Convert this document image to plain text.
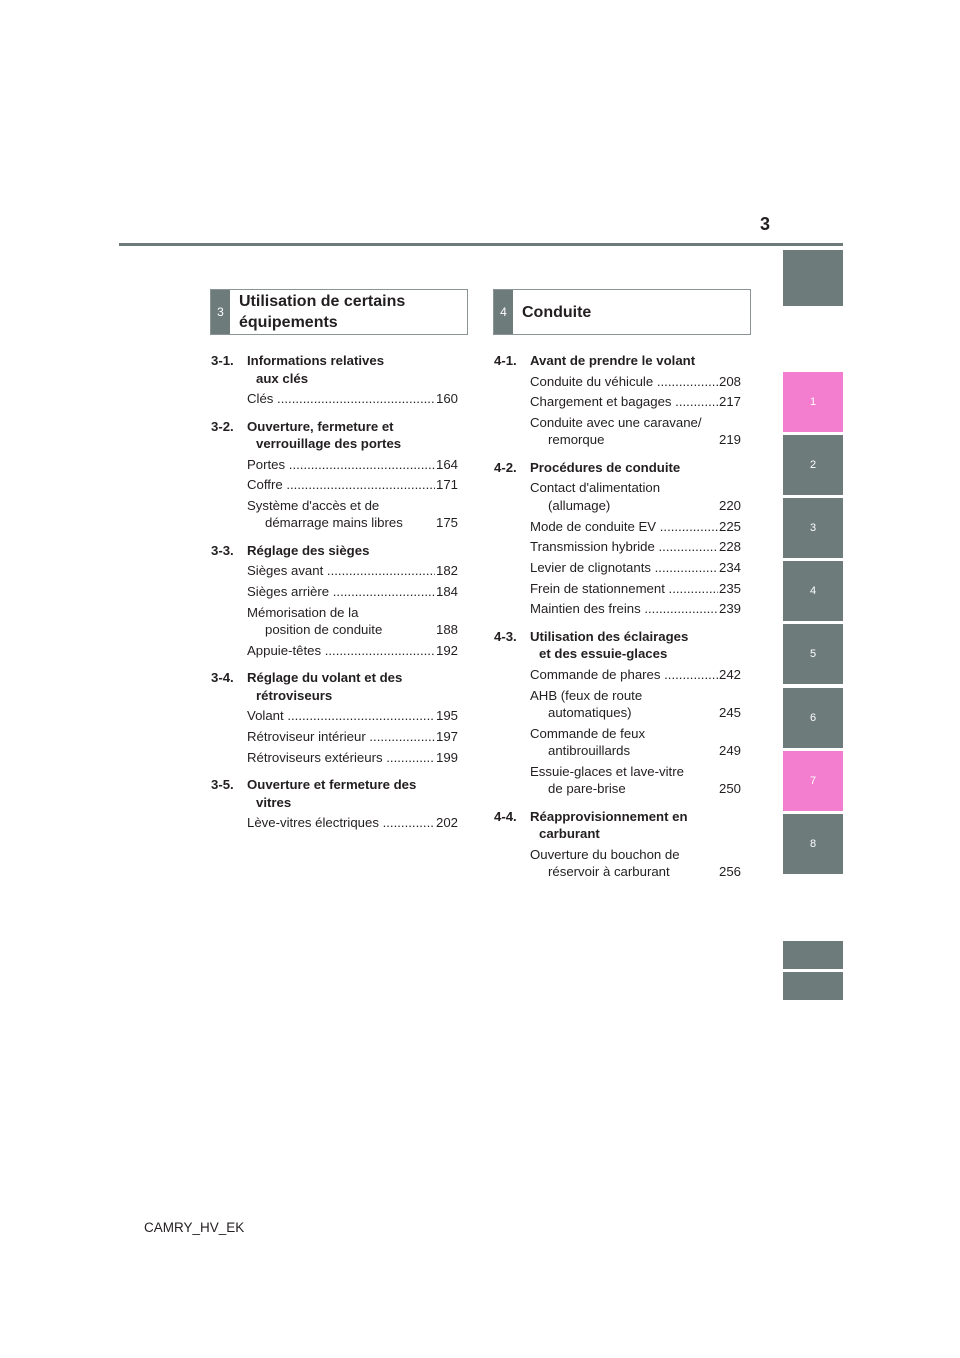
3
1
2
3
4
5
6
7
8
3
Utilisation de certains
équipements
4 Conduite
3-1.	Informations relatives
aux clés
Clés .....	160
3-2.	Ouverture, fermeture et
verrouillage des portes
Portes .....	164
Coffre .....	171
Système d'accès et de
démarrage mains libres .....	175
3-3.	Réglage des sièges
Sièges avant .....	182
Sièges arrière .....	184
Mémorisation de la
position de conduite .....	188
Appuie-têtes .....	192
3-4.	Réglage du volant et des
rétroviseurs
Volant .....	195
Rétroviseur intérieur .....	197
Rétroviseurs extérieurs .....	199
3-5.	Ouverture et fermeture des
vitres
Lève-vitres électriques .....	202
4-1.	Avant de prendre le volant
Conduite du véhicule .....	208
Chargement et bagages .....	217
Conduite avec une caravane/
remorque .....	219
4-2.	Procédures de conduite
Contact d'alimentation
(allumage) .....	220
Mode de conduite EV .....	225
Transmission hybride .....	228
Levier de clignotants .....	234
Frein de stationnement .....	235
Maintien des freins .....	239
4-3.	Utilisation des éclairages
et des essuie-glaces
Commande de phares .....	242
AHB (feux de route
automatiques) .....	245
Commande de feux
antibrouillards .....	249
Essuie-glaces et lave-vitre
de pare-brise .....	250
4-4.	Réapprovisionnement en
carburant
Ouverture du bouchon de
réservoir à carburant .....	256
CAMRY_HV_EK
